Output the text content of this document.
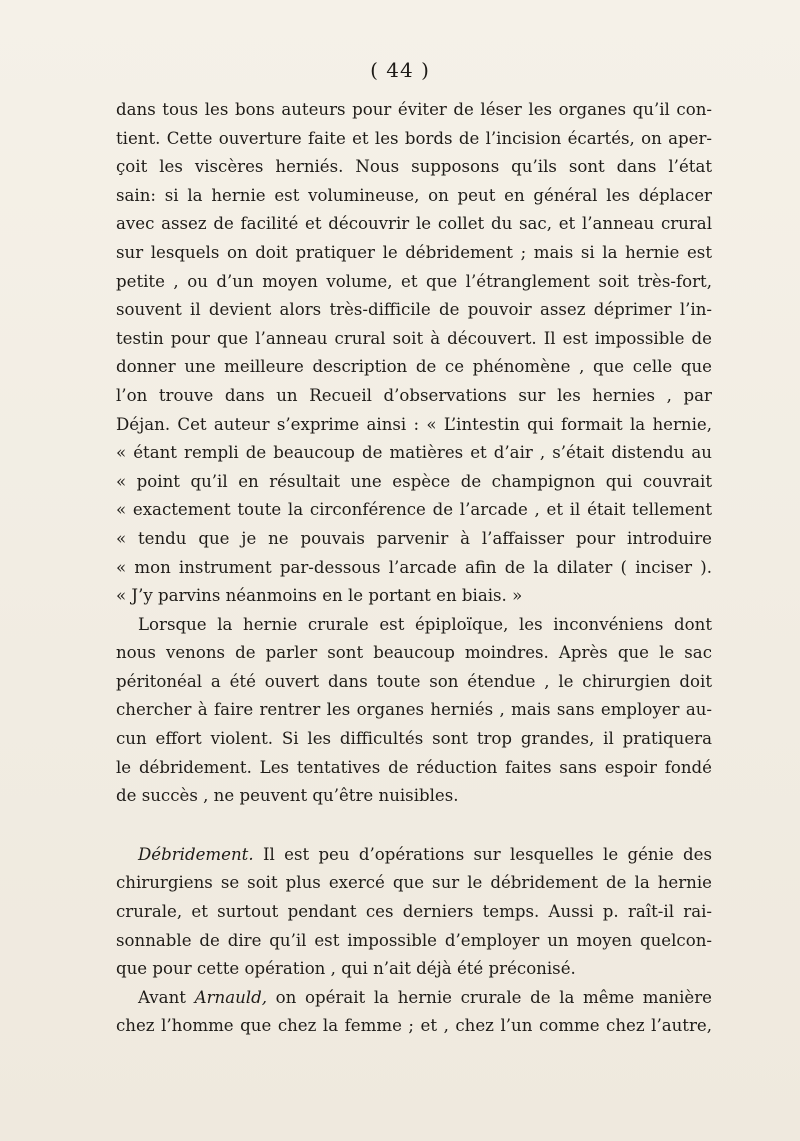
( 44 )
dans tous les bons auteurs pour éviter de léser les organes qu’il con-
tient. Cette ouverture faite et les bords de l’incision écartés, on aper-
çoit les viscères herniés. Nous supposons qu’ils sont dans l’état
sain: si la hernie est volumineuse, on peut en général les déplacer
avec assez de facilité et découvrir le collet du sac, et l’anneau crural
sur lesquels on doit pratiquer le débridement ; mais si la hernie est
petite , ou d’un moyen volume, et que l’étranglement soit très-fort,
souvent il devient alors très-difficile de pouvoir assez déprimer l’in-
testin pour que l’anneau crural soit à découvert. Il est impossible de
donner une meilleure description de ce phénomène , que celle que
l’on trouve dans un Recueil d’observations sur les hernies , par
Déjan. Cet auteur s’exprime ainsi : « L’intestin qui formait la hernie,
« étant rempli de beaucoup de matières et d’air , s’était distendu au
« point qu’il en résultait une espèce de champignon qui couvrait
« exactement toute la circonférence de l’arcade , et il était tellement
« tendu que je ne pouvais parvenir à l’affaisser pour introduire
« mon instrument par-dessous l’arcade afin de la dilater ( inciser ).
« J’y parvins néanmoins en le portant en biais. »
Lorsque la hernie crurale est épiploïque, les inconvéniens dont
nous venons de parler sont beaucoup moindres. Après que le sac
péritonéal a été ouvert dans toute son étendue , le chirurgien doit
chercher à faire rentrer les organes herniés , mais sans employer au-
cun effort violent. Si les difficultés sont trop grandes, il pratiquera
le débridement. Les tentatives de réduction faites sans espoir fondé
de succès , ne peuvent qu’être nuisibles.
Débridement. Il est peu d’opérations sur lesquelles le génie des
chirurgiens se soit plus exercé que sur le débridement de la hernie
crurale, et surtout pendant ces derniers temps. Aussi p. raît-il rai-
sonnable de dire qu’il est impossible d’employer un moyen quelcon-
que pour cette opération , qui n’ait déjà été préconisé.
Avant Arnauld, on opérait la hernie crurale de la même manière
chez l’homme que chez la femme ; et , chez l’un comme chez l’autre,
